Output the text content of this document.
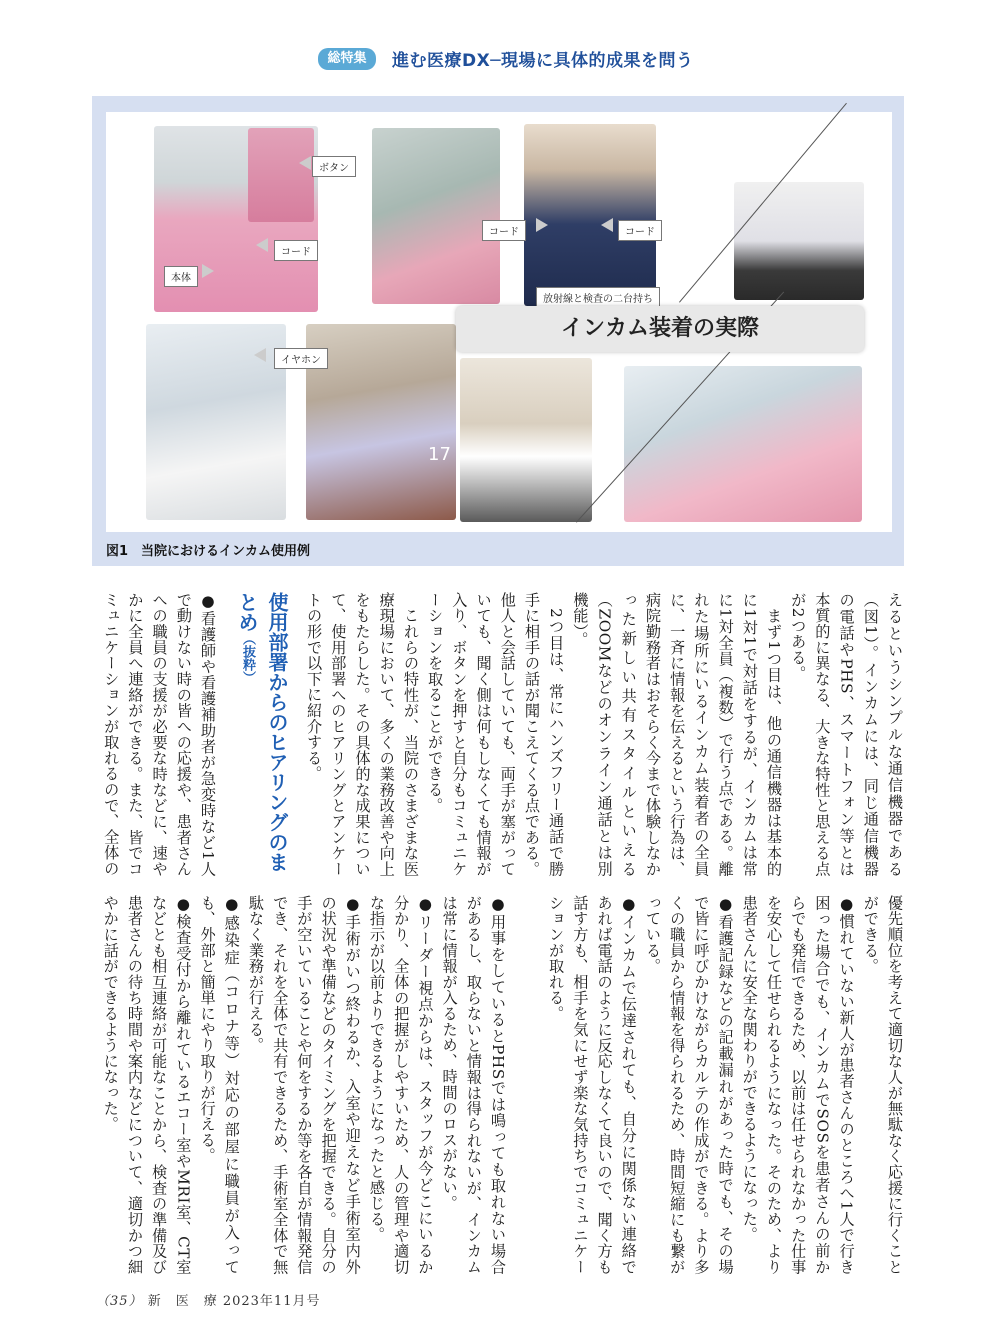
総特集	進む医療DX─現場に具体的成果を問う
17
ボタン
コード
本体
コード	コード
放射線と検査の二台持ち
イヤホン
インカム装着の実際
図1　当院におけるインカム使用例

えるというシンプルな通信機器である（図1）。インカムには、同じ通信機器の電話やPHS、スマートフォン等とは本質的に異なる、大きな特性と思える点が2つある。
　まず1つ目は、他の通信機器は基本的に1対1で対話をするが、インカムは常に1対全員（複数）で行う点である。離れた場所にいるインカム装着者の全員に、一斉に情報を伝えるという行為は、病院勤務者はおそらく今まで体験しなかった新しい共有スタイルといえる（ZOOMなどのオンライン通話とは別機能）。
　2つ目は、常にハンズフリー通話で勝手に相手の話が聞こえてくる点である。他人と会話していても、両手が塞がっていても、聞く側は何もしなくても情報が入り、ボタンを押すと自分もコミュニケーションを取ることができる。
　これらの特性が、当院のさまざまな医療現場において、多くの業務改善や向上をもたらした。その具体的な成果について、使用部署へのヒアリングとアンケートの形で以下に紹介する。

使用部署からのヒアリングのまとめ（抜粋）

●看護師や看護補助者が急変時など1人で動けない時の皆への応援や、患者さんへの職員の支援が必要な時などに、速やかに全員へ連絡ができる。また、皆でコミュニケーションが取れるので、全体の

優先順位を考えて適切な人が無駄なく応援に行くことができる。
●慣れていない新人が患者さんのところへ1人で行き困った場合でも、インカムでSOSを患者さんの前からでも発信できるため、以前は任せられなかった仕事を安心して任せられるようになった。そのため、より患者さんに安全な関わりができるようになった。
●看護記録などの記載漏れがあった時でも、その場で皆に呼びかけながらカルテの作成ができる。より多くの職員から情報を得られるため、時間短縮にも繋がっている。
●インカムで伝達されても、自分に関係ない連絡であれば電話のように反応しなくて良いので、聞く方も話す方も、相手を気にせず楽な気持ちでコミュニケーションが取れる。

●用事をしているとPHSでは鳴っても取れない場合があるし、取らないと情報は得られないが、インカムは常に情報が入るため、時間のロスがない。
●リーダー視点からは、スタッフが今どこにいるか分かり、全体の把握がしやすいため、人の管理や適切な指示が以前よりできるようになったと感じる。
●手術がいつ終わるか、入室や迎えなど手術室内外の状況や準備などのタイミングを把握できる。自分の手が空いていることや何をするか等を各自が情報発信でき、それを全体で共有できるため、手術室全体で無駄なく業務が行える。
●感染症（コロナ等）対応の部屋に職員が入っても、外部と簡単にやり取りが行える。
●検査受付から離れているエコー室やMRI室、CT室などとも相互連絡が可能なことから、検査の準備及び患者さんの待ち時間や案内などについて、適切かつ細やかに話ができるようになった。

（35） 新　医　療 2023年11月号
